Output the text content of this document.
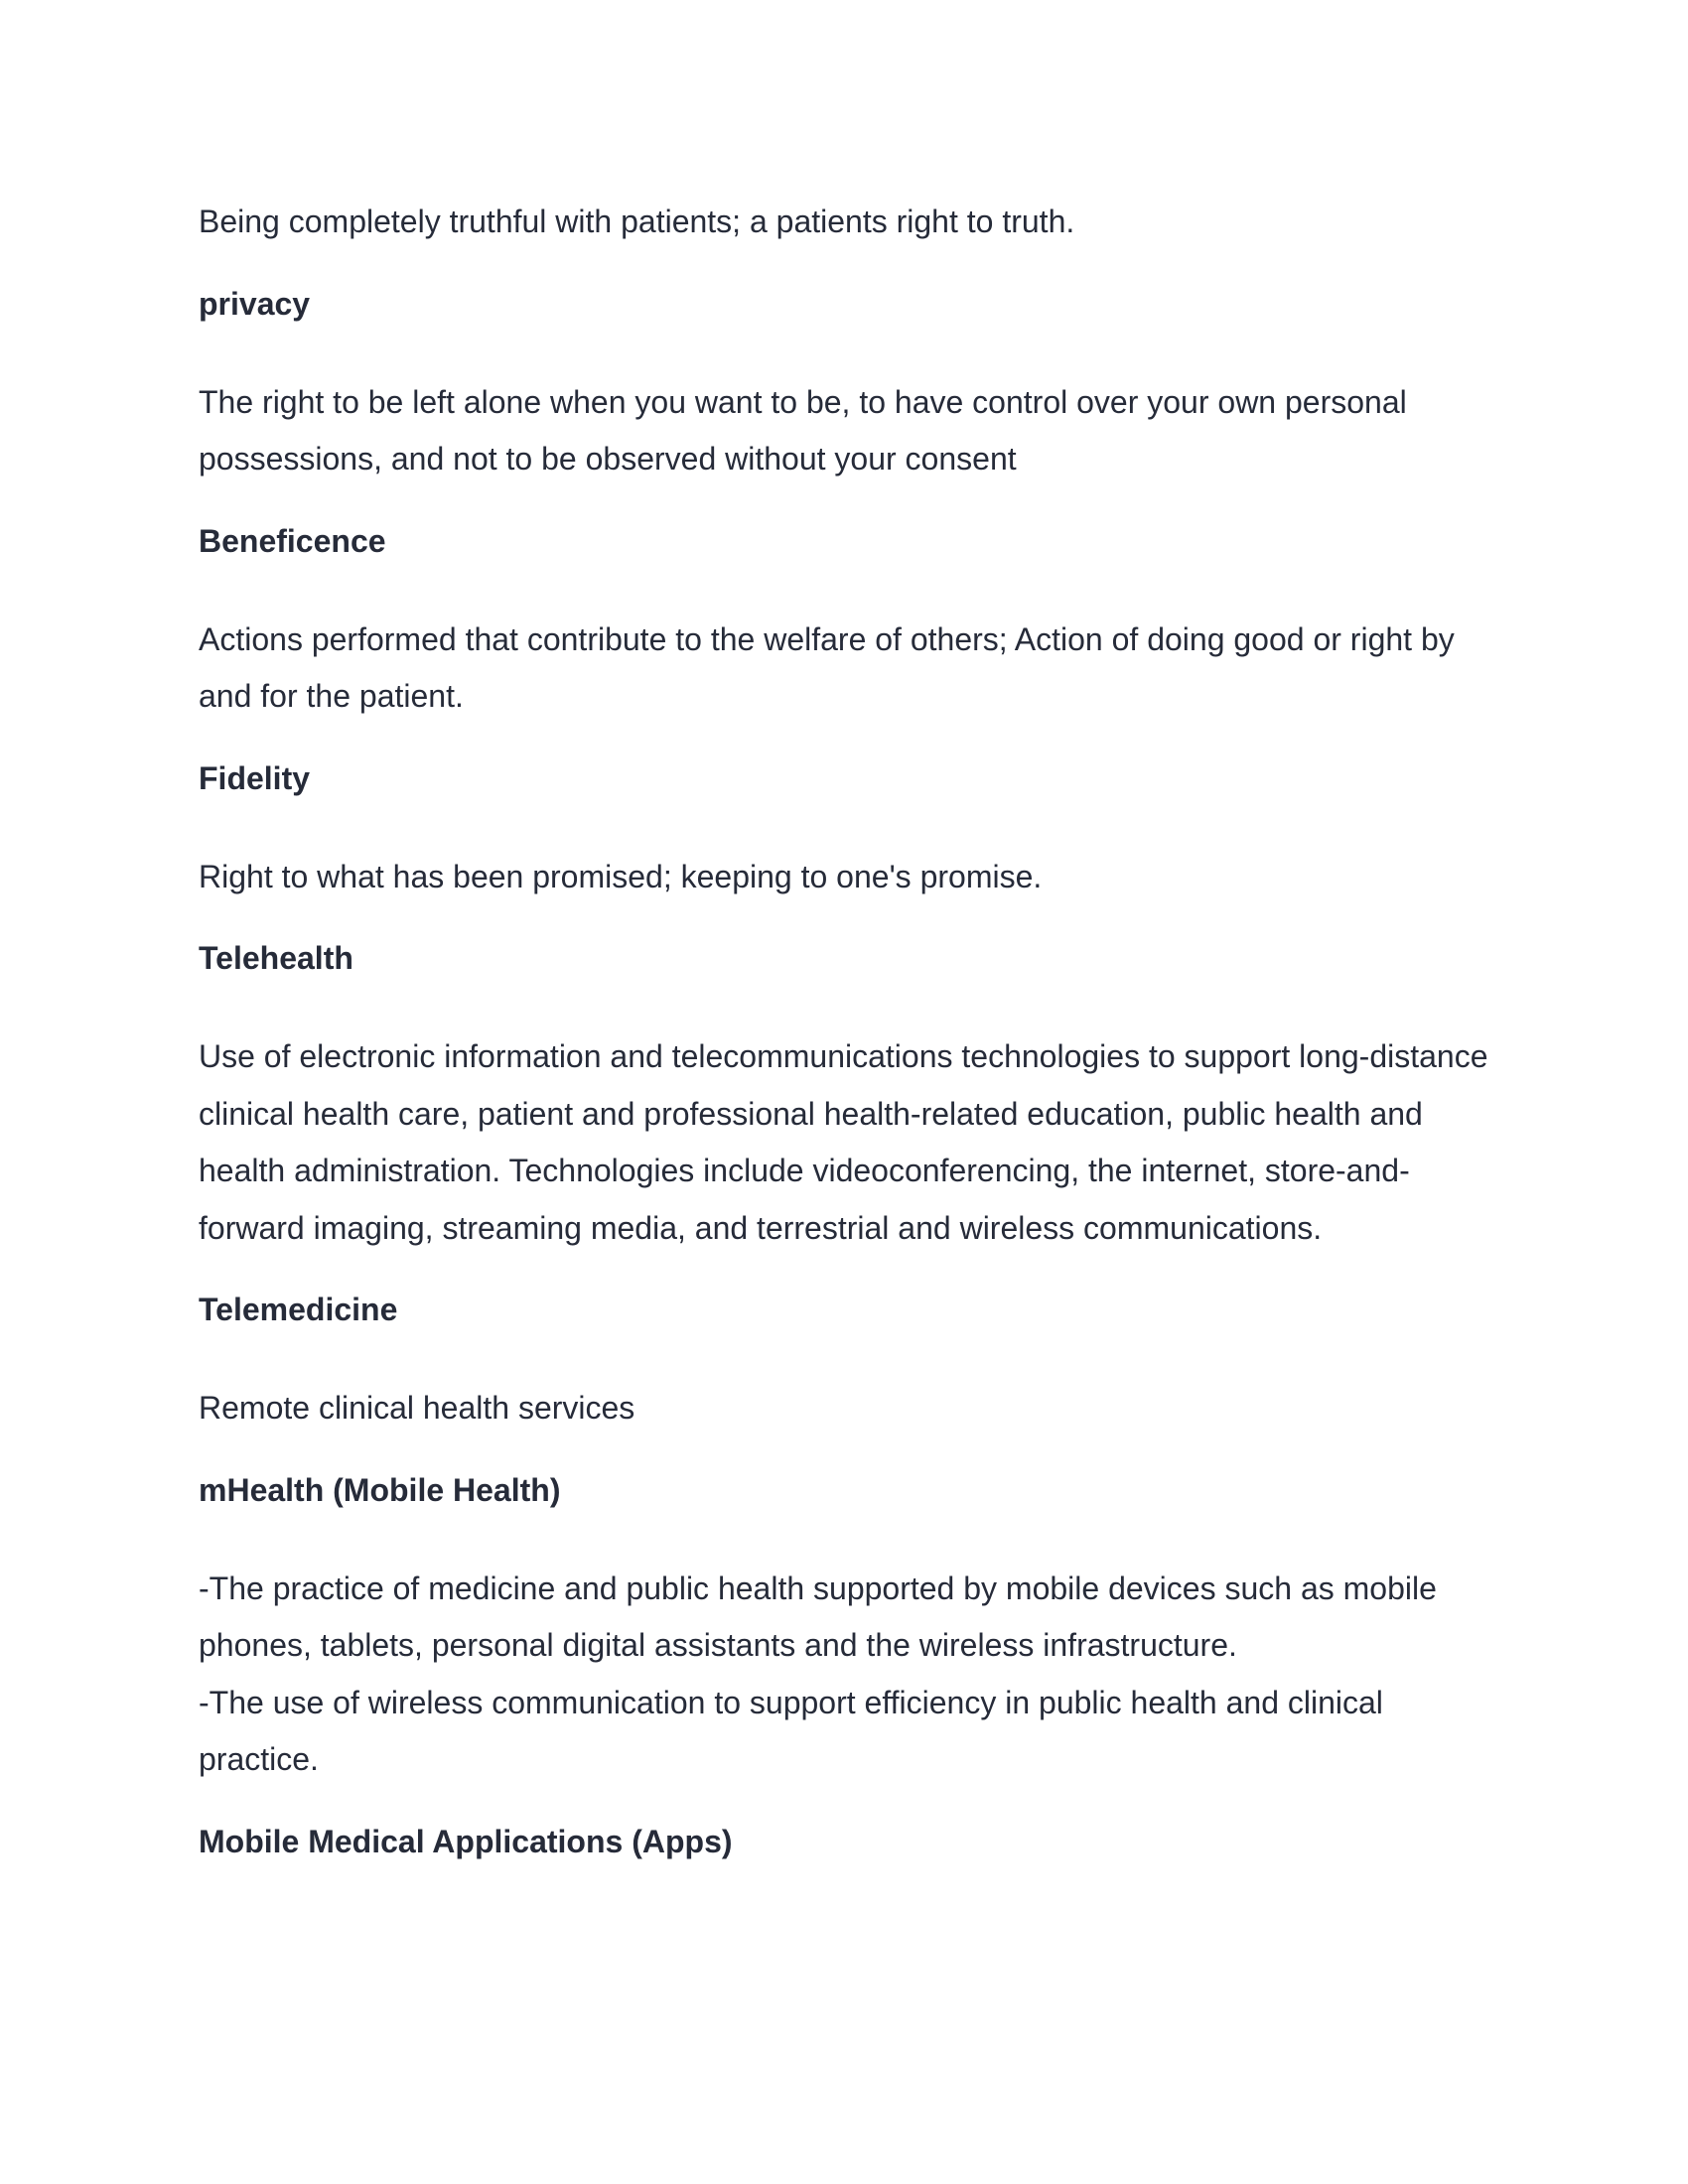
Being completely truthful with patients; a patients right to truth.

privacy

The right to be left alone when you want to be, to have control over your own personal possessions, and not to be observed without your consent

Beneficence

Actions performed that contribute to the welfare of others; Action of doing good or right by and for the patient.

Fidelity

Right to what has been promised; keeping to one's promise.

Telehealth

Use of electronic information and telecommunications technologies to support long-distance clinical health care, patient and professional health-related education, public health and health administration. Technologies include videoconferencing, the internet, store-and-forward imaging, streaming media, and terrestrial and wireless communications.

Telemedicine

Remote clinical health services

mHealth (Mobile Health)

-The practice of medicine and public health supported by mobile devices such as mobile phones, tablets, personal digital assistants and the wireless infrastructure.
-The use of wireless communication to support efficiency in public health and clinical practice.

Mobile Medical Applications (Apps)
